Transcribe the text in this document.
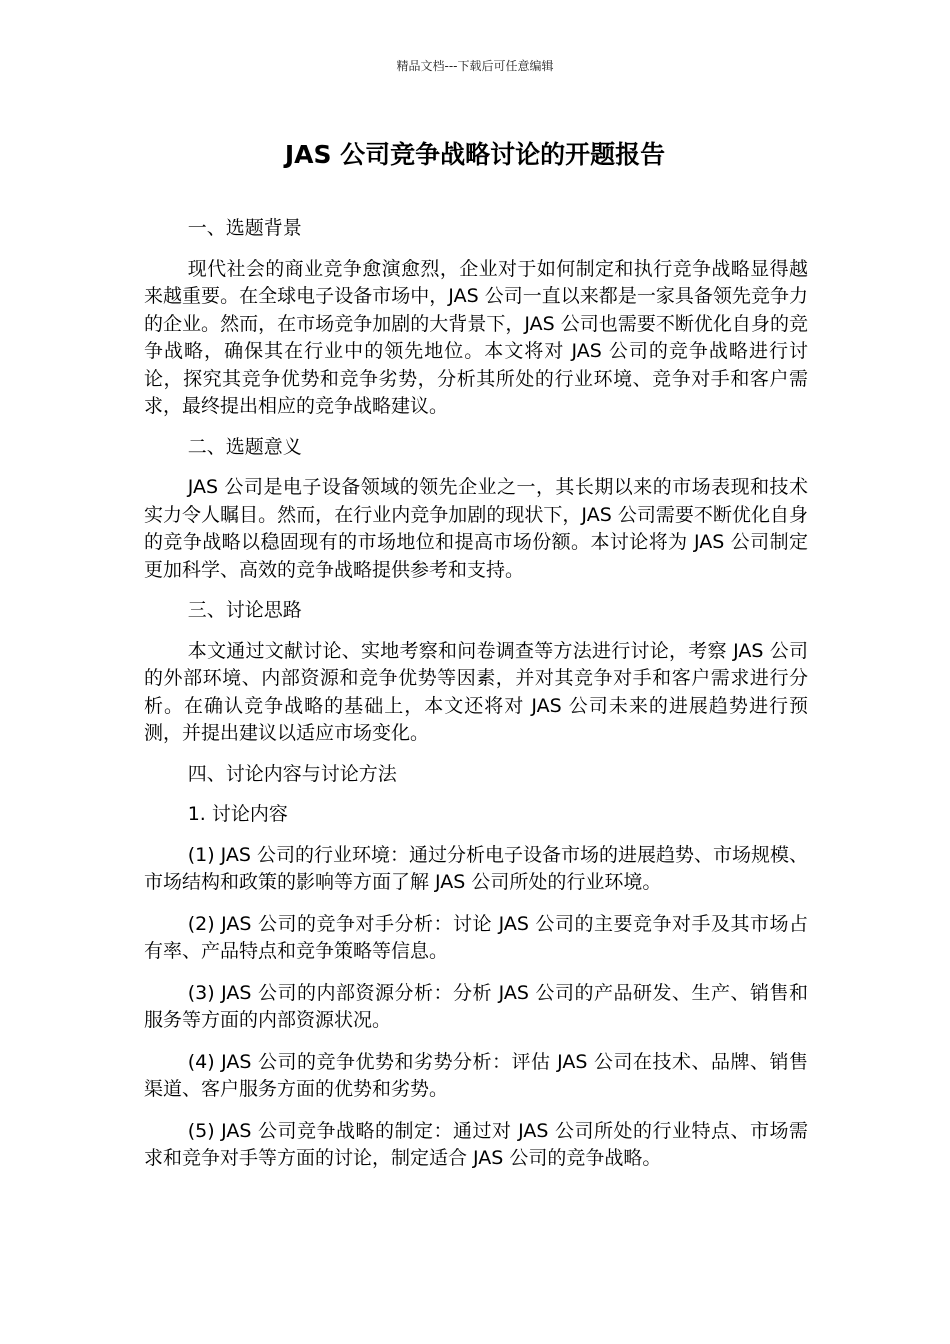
精品文档---下载后可任意编辑
JAS 公司竞争战略讨论的开题报告

一、选题背景

现代社会的商业竞争愈演愈烈，企业对于如何制定和执行竞争战略显得越来越重要。在全球电子设备市场中，JAS 公司一直以来都是一家具备领先竞争力的企业。然而，在市场竞争加剧的大背景下，JAS 公司也需要不断优化自身的竞争战略，确保其在行业中的领先地位。本文将对 JAS 公司的竞争战略进行讨论，探究其竞争优势和竞争劣势，分析其所处的行业环境、竞争对手和客户需求，最终提出相应的竞争战略建议。

二、选题意义

JAS 公司是电子设备领域的领先企业之一，其长期以来的市场表现和技术实力令人瞩目。然而，在行业内竞争加剧的现状下，JAS 公司需要不断优化自身的竞争战略以稳固现有的市场地位和提高市场份额。本讨论将为 JAS 公司制定更加科学、高效的竞争战略提供参考和支持。

三、讨论思路

本文通过文献讨论、实地考察和问卷调查等方法进行讨论，考察 JAS 公司的外部环境、内部资源和竞争优势等因素，并对其竞争对手和客户需求进行分析。在确认竞争战略的基础上，本文还将对 JAS 公司未来的进展趋势进行预测，并提出建议以适应市场变化。

四、讨论内容与讨论方法

1. 讨论内容

(1) JAS 公司的行业环境：通过分析电子设备市场的进展趋势、市场规模、市场结构和政策的影响等方面了解 JAS 公司所处的行业环境。

(2) JAS 公司的竞争对手分析：讨论 JAS 公司的主要竞争对手及其市场占有率、产品特点和竞争策略等信息。

(3) JAS 公司的内部资源分析：分析 JAS 公司的产品研发、生产、销售和服务等方面的内部资源状况。

(4) JAS 公司的竞争优势和劣势分析：评估 JAS 公司在技术、品牌、销售渠道、客户服务方面的优势和劣势。

(5) JAS 公司竞争战略的制定：通过对 JAS 公司所处的行业特点、市场需求和竞争对手等方面的讨论，制定适合 JAS 公司的竞争战略。
